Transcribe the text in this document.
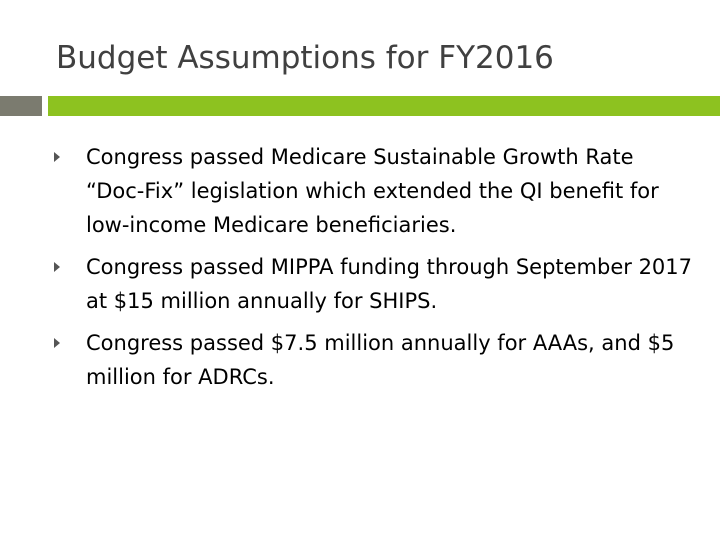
Budget Assumptions for FY2016
Congress passed Medicare Sustainable Growth Rate “Doc-Fix” legislation which extended the QI benefit for low-income Medicare beneficiaries.
Congress passed MIPPA funding through September 2017 at $15 million annually for SHIPS.
Congress passed $7.5 million annually for AAAs, and $5 million for ADRCs.
